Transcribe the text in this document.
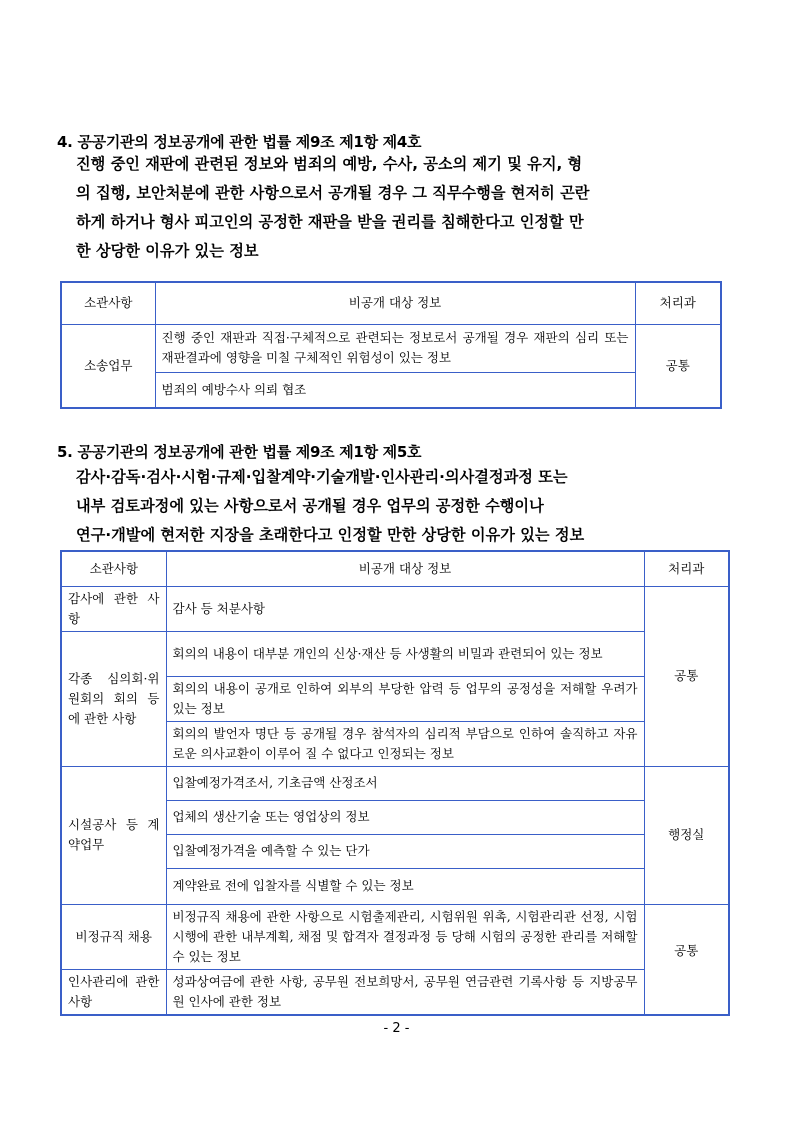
4. 공공기관의 정보공개에 관한 법률 제9조 제1항 제4호
진행 중인 재판에 관련된 정보와 범죄의 예방, 수사, 공소의 제기 및 유지, 형
의 집행, 보안처분에 관한 사항으로서 공개될 경우 그 직무수행을 현저히 곤란
하게 하거나 형사 피고인의 공정한 재판을 받을 권리를 침해한다고 인정할 만
한 상당한 이유가 있는 정보
소관사항	비공개 대상 정보	처리과
소송업무	진행 중인 재판과 직접·구체적으로 관련되는 정보로서 공개될 경우 재판의 심리 또는 재판결과에 영향을 미칠 구체적인 위험성이 있는 정보	공통
	범죄의 예방수사 의뢰 협조	
5. 공공기관의 정보공개에 관한 법률 제9조 제1항 제5호
감사·감독·검사·시험·규제·입찰계약·기술개발·인사관리·의사결정과정 또는
내부 검토과정에 있는 사항으로서 공개될 경우 업무의 공정한 수행이나
연구·개발에 현저한 지장을 초래한다고 인정할 만한 상당한 이유가 있는 정보
소관사항	비공개 대상 정보	처리과
감사에 관한 사항	감사 등 처분사항	공통
각종 심의회·위원회의 회의 등에 관한 사항	회의의 내용이 대부분 개인의 신상·재산 등 사생활의 비밀과 관련되어 있는 정보	
	회의의 내용이 공개로 인하여 외부의 부당한 압력 등 업무의 공정성을 저해할 우려가 있는 정보	
	회의의 발언자 명단 등 공개될 경우 참석자의 심리적 부담으로 인하여 솔직하고 자유로운 의사교환이 이루어 질 수 없다고 인정되는 정보	
시설공사 등 계약업무	입찰예정가격조서, 기초금액 산정조서	행정실
	업체의 생산기술 또는 영업상의 정보	
	입찰예정가격을 예측할 수 있는 단가	
	계약완료 전에 입찰자를 식별할 수 있는 정보	
비정규직 채용	비정규직 채용에 관한 사항으로 시험출제관리, 시험위원 위촉, 시험관리관 선정, 시험시행에 관한 내부계획, 채점 및 합격자 결정과정 등 당해 시험의 공정한 관리를 저해할 수 있는 정보	공통
인사관리에 관한 사항	성과상여금에 관한 사항, 공무원 전보희망서, 공무원 연금관련 기록사항 등 지방공무원 인사에 관한 정보	
- 2 -
